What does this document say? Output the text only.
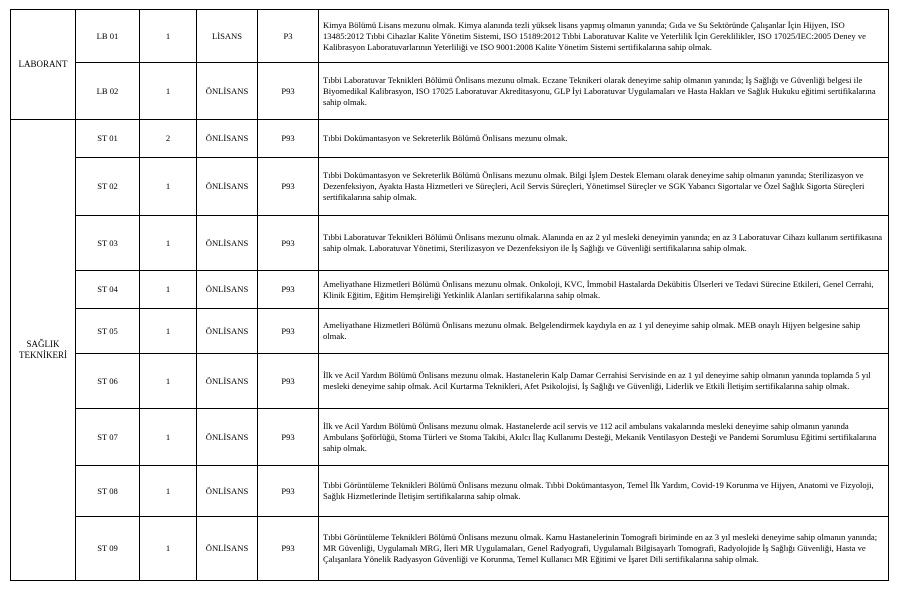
LABORANT	LB 01	1	LİSANS	P3	Kimya Bölümü Lisans mezunu olmak. Kimya alanında tezli yüksek lisans yapmış olmanın yanında; Gıda ve Su Sektöründe Çalışanlar İçin Hijyen, ISO 13485:2012 Tıbbi Cihazlar Kalite Yönetim Sistemi, ISO 15189:2012 Tıbbi Laboratuvar Kalite ve Yeterlilik İçin Gereklilikler, ISO 17025/IEC:2005 Deney ve Kalibrasyon Laboratuvarlarının Yeterliliği ve ISO 9001:2008 Kalite Yönetim Sistemi sertifikalarına sahip olmak.
	LB 02	1	ÖNLİSANS	P93	Tıbbi Laboratuvar Teknikleri Bölümü Önlisans mezunu olmak. Eczane Teknikeri olarak deneyime sahip olmanın yanında; İş Sağlığı ve Güvenliği belgesi ile Biyomedikal Kalibrasyon, ISO 17025 Laboratuvar Akreditasyonu, GLP İyi Laboratuvar Uygulamaları ve Hasta Hakları ve Sağlık Hukuku eğitimi sertifikalarına sahip olmak.
SAĞLIK TEKNİKERİ	ST 01	2	ÖNLİSANS	P93	Tıbbi Dokümantasyon ve Sekreterlik Bölümü Önlisans mezunu olmak.
	ST 02	1	ÖNLİSANS	P93	Tıbbi Dokümantasyon ve Sekreterlik Bölümü Önlisans mezunu olmak. Bilgi İşlem Destek Elemanı olarak deneyime sahip olmanın yanında; Sterilizasyon ve Dezenfeksiyon, Ayakta Hasta Hizmetleri ve Süreçleri, Acil Servis Süreçleri, Yönetimsel Süreçler ve SGK Yabancı Sigortalar ve Özel Sağlık Sigorta Süreçleri sertifikalarına sahip olmak.
	ST 03	1	ÖNLİSANS	P93	Tıbbi Laboratuvar Teknikleri Bölümü Önlisans mezunu olmak. Alanında en az 2 yıl mesleki deneyimin yanında; en az 3 Laboratuvar Cihazı kullanım sertifikasına sahip olmak. Laboratuvar Yönetimi, Sterilizasyon ve Dezenfeksiyon ile İş Sağlığı ve Güvenliği sertifikalarına sahip olmak.
	ST 04	1	ÖNLİSANS	P93	Ameliyathane Hizmetleri Bölümü Önlisans mezunu olmak. Onkoloji, KVC, İmmobil Hastalarda Dekübitis Ülserleri ve Tedavi Sürecine Etkileri, Genel Cerrahi, Klinik Eğitim, Eğitim Hemşireliği Yetkinlik Alanları sertifikalarına sahip olmak.
	ST 05	1	ÖNLİSANS	P93	Ameliyathane Hizmetleri Bölümü Önlisans mezunu olmak. Belgelendirmek kaydıyla en az 1 yıl deneyime sahip olmak. MEB onaylı Hijyen belgesine sahip olmak.
	ST 06	1	ÖNLİSANS	P93	İlk ve Acil Yardım Bölümü Önlisans mezunu olmak. Hastanelerin Kalp Damar Cerrahisi Servisinde en az 1 yıl deneyime sahip olmanın yanında toplamda 5 yıl mesleki deneyime sahip olmak. Acil Kurtarma Teknikleri, Afet Psikolojisi, İş Sağlığı ve Güvenliği, Liderlik ve Etkili İletişim sertifikalarına sahip olmak.
	ST 07	1	ÖNLİSANS	P93	İlk ve Acil Yardım Bölümü Önlisans mezunu olmak. Hastanelerde acil servis ve 112 acil ambulans vakalarında mesleki deneyime sahip olmanın yanında Ambulans Şoförlüğü, Stoma Türleri ve Stoma Takibi, Akılcı İlaç Kullanımı Desteği, Mekanik Ventilasyon Desteği ve Pandemi Sorumlusu Eğitimi sertifikalarına sahip olmak.
	ST 08	1	ÖNLİSANS	P93	Tıbbi Görüntüleme Teknikleri Bölümü Önlisans mezunu olmak. Tıbbi Dokümantasyon, Temel İlk Yardım, Covid-19 Korunma ve Hijyen, Anatomi ve Fizyoloji, Sağlık Hizmetlerinde İletişim sertifikalarına sahip olmak.
	ST 09	1	ÖNLİSANS	P93	Tıbbi Görüntüleme Teknikleri Bölümü Önlisans mezunu olmak. Kamu Hastanelerinin Tomografi biriminde en az 3 yıl mesleki deneyime sahip olmanın yanında; MR Güvenliği, Uygulamalı MRG, İleri MR Uygulamaları, Genel Radyografi, Uygulamalı Bilgisayarlı Tomografi, Radyolojide İş Sağlığı Güvenliği, Hasta ve Çalışanlara Yönelik Radyasyon Güvenliği ve Korunma, Temel Kullanıcı MR Eğitimi ve İşaret Dili sertifikalarına sahip olmak.
